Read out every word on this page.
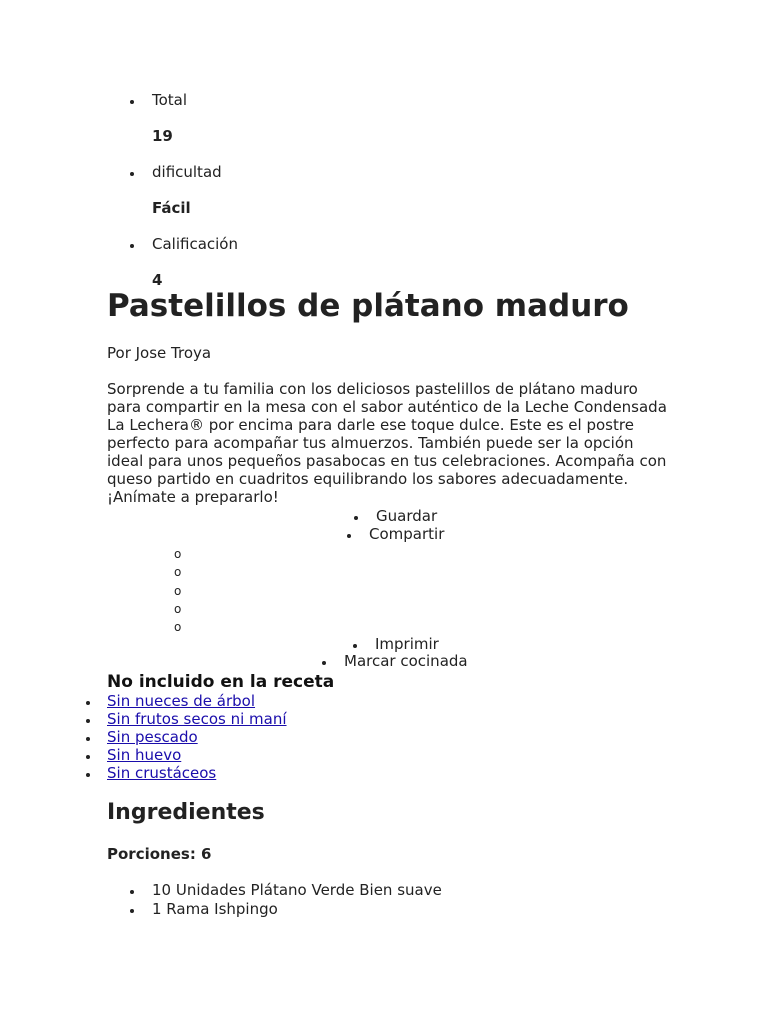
Total
19
dificultad
Fácil
Calificación
4
Pastelillos de plátano maduro
Por Jose Troya
Sorprende a tu familia con los deliciosos pastelillos de plátano maduro para compartir en la mesa con el sabor auténtico de la Leche Condensada La Lechera® por encima para darle ese toque dulce. Este es el postre perfecto para acompañar tus almuerzos. También puede ser la opción ideal para unos pequeños pasabocas en tus celebraciones. Acompaña con queso partido en cuadritos equilibrando los sabores adecuadamente. ¡Anímate a prepararlo!
Guardar
Compartir
o
o
o
o
o
Imprimir
Marcar cocinada
No incluido en la receta
Sin nueces de árbol
Sin frutos secos ni maní
Sin pescado
Sin huevo
Sin crustáceos
Ingredientes
Porciones: 6
10 Unidades Plátano Verde Bien suave
1 Rama Ishpingo
